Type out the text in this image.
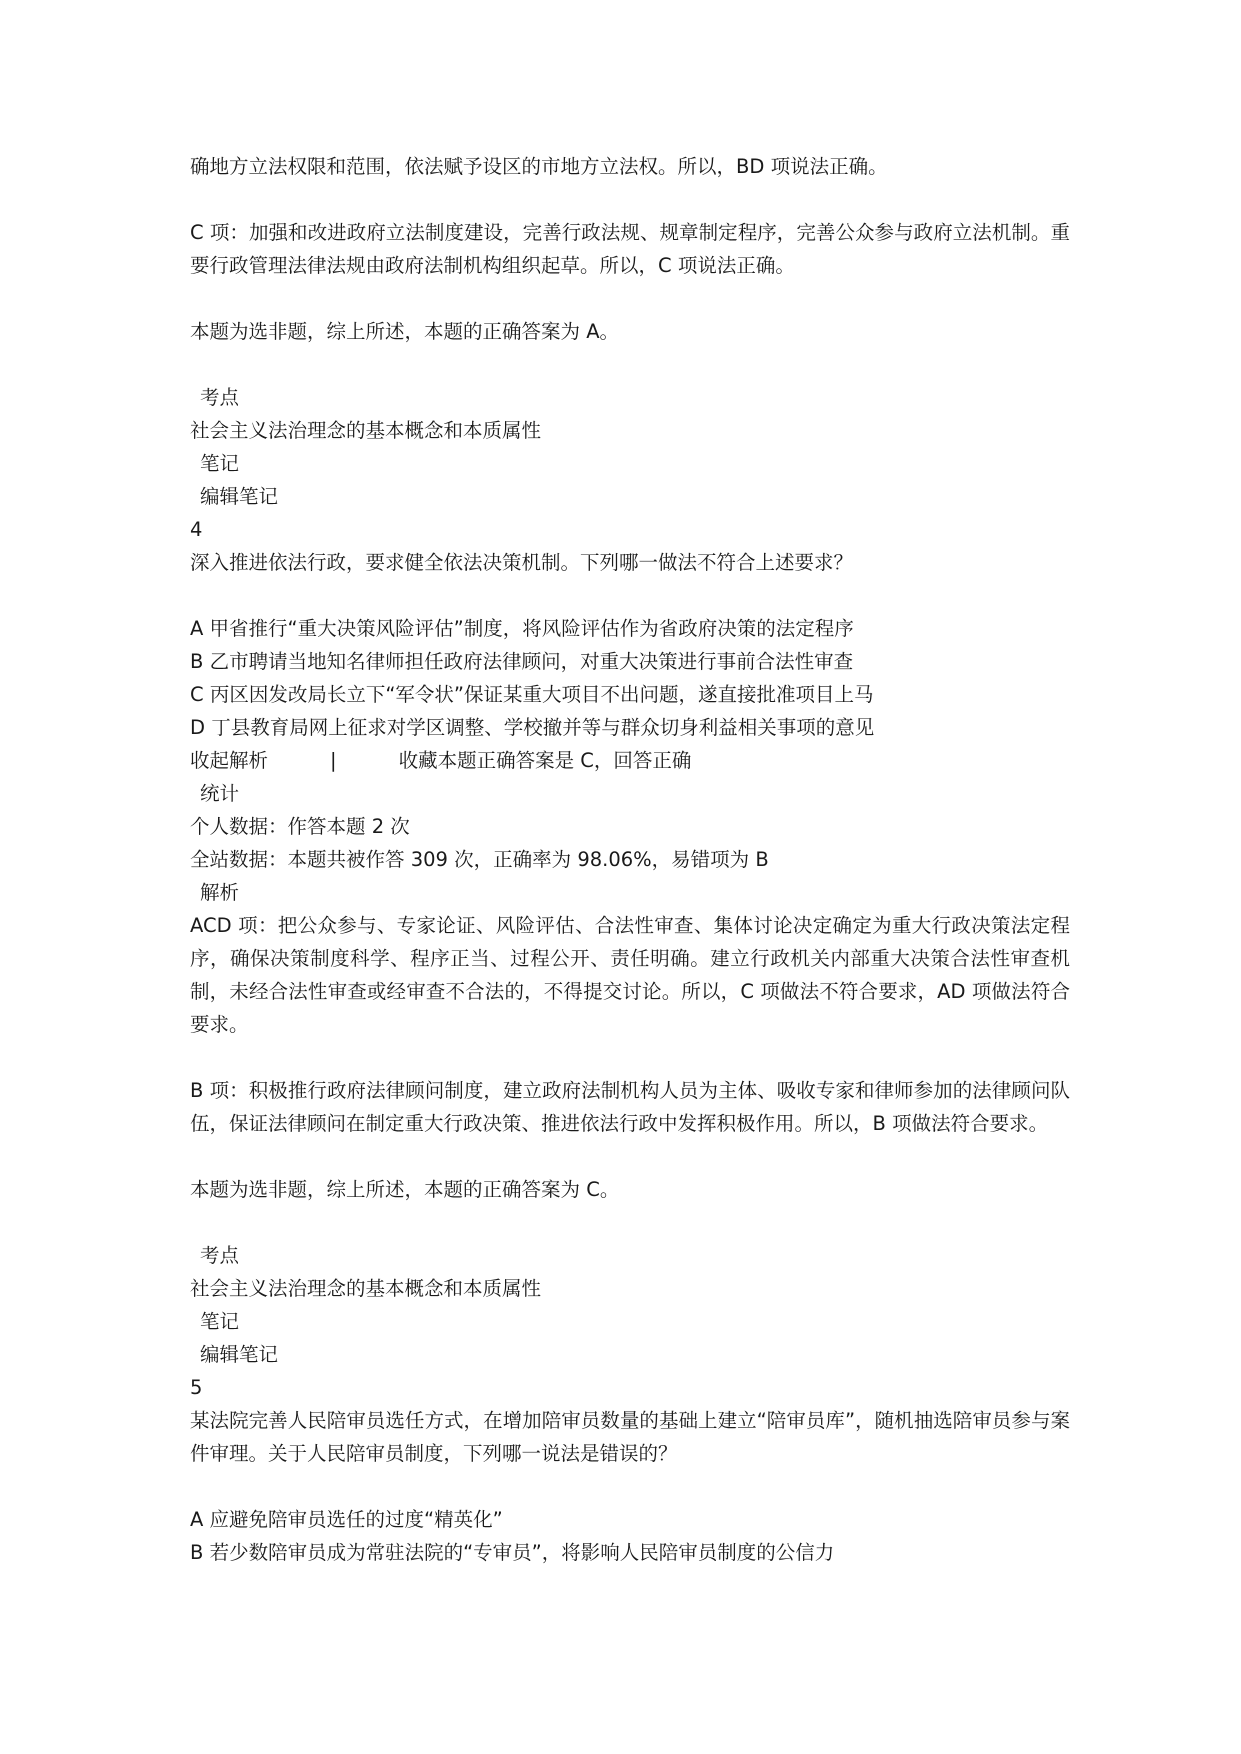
确地方立法权限和范围，依法赋予设区的市地方立法权。所以，BD 项说法正确。
C 项：加强和改进政府立法制度建设，完善行政法规、规章制定程序，完善公众参与政府立法机制。重要行政管理法律法规由政府法制机构组织起草。所以，C 项说法正确。
本题为选非题，综上所述，本题的正确答案为 A。
考点
社会主义法治理念的基本概念和本质属性
笔记
编辑笔记
4
深入推进依法行政，要求健全依法决策机制。下列哪一做法不符合上述要求？
A 甲省推行“重大决策风险评估”制度，将风险评估作为省政府决策的法定程序
B 乙市聘请当地知名律师担任政府法律顾问，对重大决策进行事前合法性审查
C 丙区因发改局长立下“军令状”保证某重大项目不出问题，遂直接批准项目上马
D 丁县教育局网上征求对学区调整、学校撤并等与群众切身利益相关事项的意见
收起解析	|	收藏本题正确答案是 C，回答正确
统计
个人数据：作答本题 2 次
全站数据：本题共被作答 309 次，正确率为 98.06%，易错项为 B
解析
ACD 项：把公众参与、专家论证、风险评估、合法性审查、集体讨论决定确定为重大行政决策法定程序，确保决策制度科学、程序正当、过程公开、责任明确。建立行政机关内部重大决策合法性审查机制，未经合法性审查或经审查不合法的，不得提交讨论。所以，C 项做法不符合要求，AD 项做法符合要求。
B 项：积极推行政府法律顾问制度，建立政府法制机构人员为主体、吸收专家和律师参加的法律顾问队伍，保证法律顾问在制定重大行政决策、推进依法行政中发挥积极作用。所以，B 项做法符合要求。
本题为选非题，综上所述，本题的正确答案为 C。
考点
社会主义法治理念的基本概念和本质属性
笔记
编辑笔记
5
某法院完善人民陪审员选任方式，在增加陪审员数量的基础上建立“陪审员库”，随机抽选陪审员参与案件审理。关于人民陪审员制度，下列哪一说法是错误的？
A 应避免陪审员选任的过度“精英化”
B 若少数陪审员成为常驻法院的“专审员”，将影响人民陪审员制度的公信力
